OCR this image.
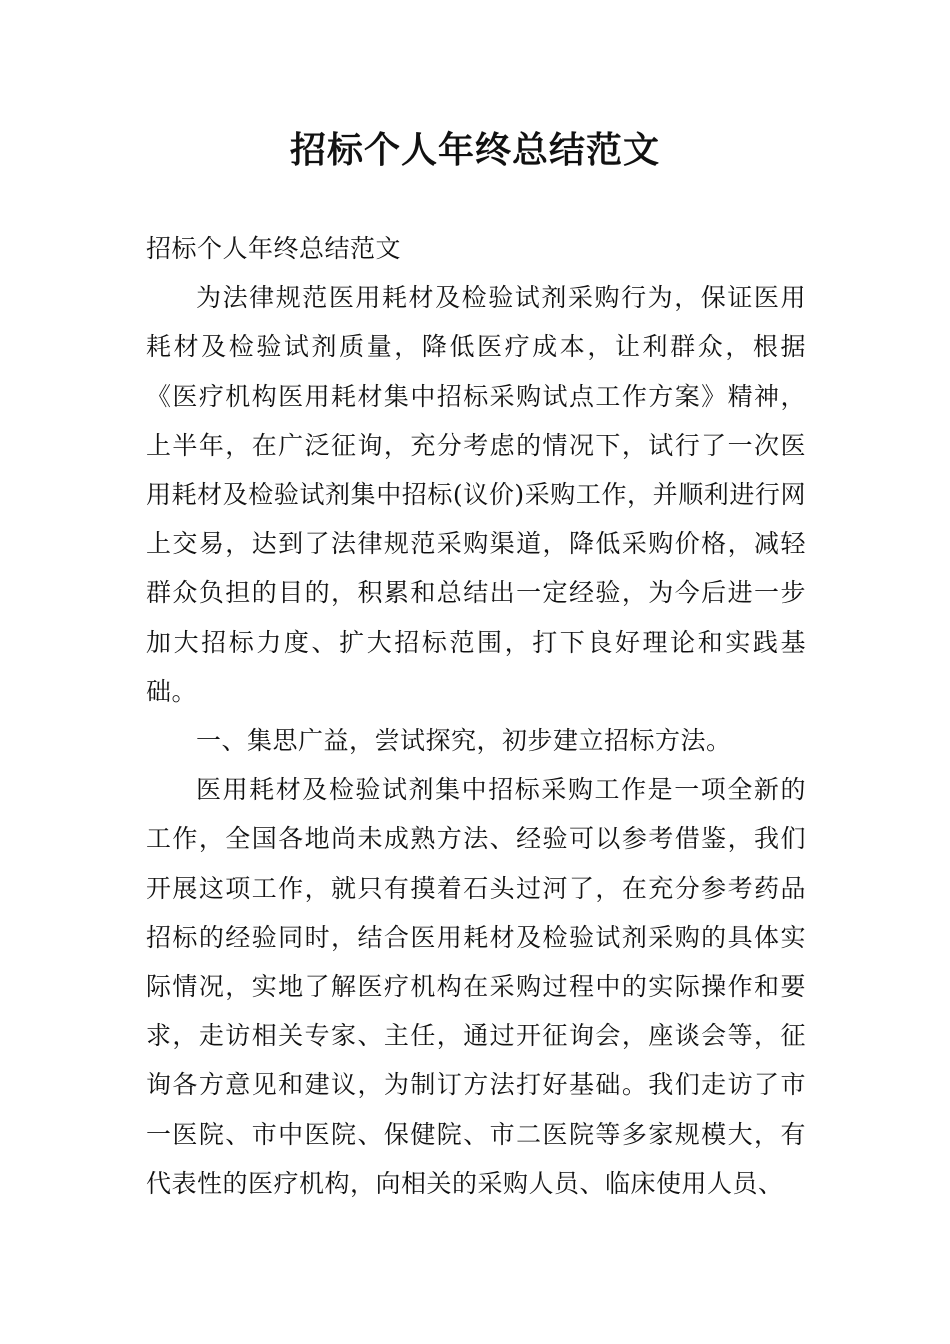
招标个人年终总结范文

招标个人年终总结范文

为法律规范医用耗材及检验试剂采购行为，保证医用耗材及检验试剂质量，降低医疗成本，让利群众，根据《医疗机构医用耗材集中招标采购试点工作方案》精神，上半年，在广泛征询，充分考虑的情况下，试行了一次医用耗材及检验试剂集中招标(议价)采购工作，并顺利进行网上交易，达到了法律规范采购渠道，降低采购价格，减轻群众负担的目的，积累和总结出一定经验，为今后进一步加大招标力度、扩大招标范围，打下良好理论和实践基础。

一、集思广益，尝试探究，初步建立招标方法。

医用耗材及检验试剂集中招标采购工作是一项全新的工作，全国各地尚未成熟方法、经验可以参考借鉴，我们开展这项工作，就只有摸着石头过河了，在充分参考药品招标的经验同时，结合医用耗材及检验试剂采购的具体实际情况，实地了解医疗机构在采购过程中的实际操作和要求，走访相关专家、主任，通过开征询会，座谈会等，征询各方意见和建议，为制订方法打好基础。我们走访了市一医院、市中医院、保健院、市二医院等多家规模大，有代表性的医疗机构，向相关的采购人员、临床使用人员、
